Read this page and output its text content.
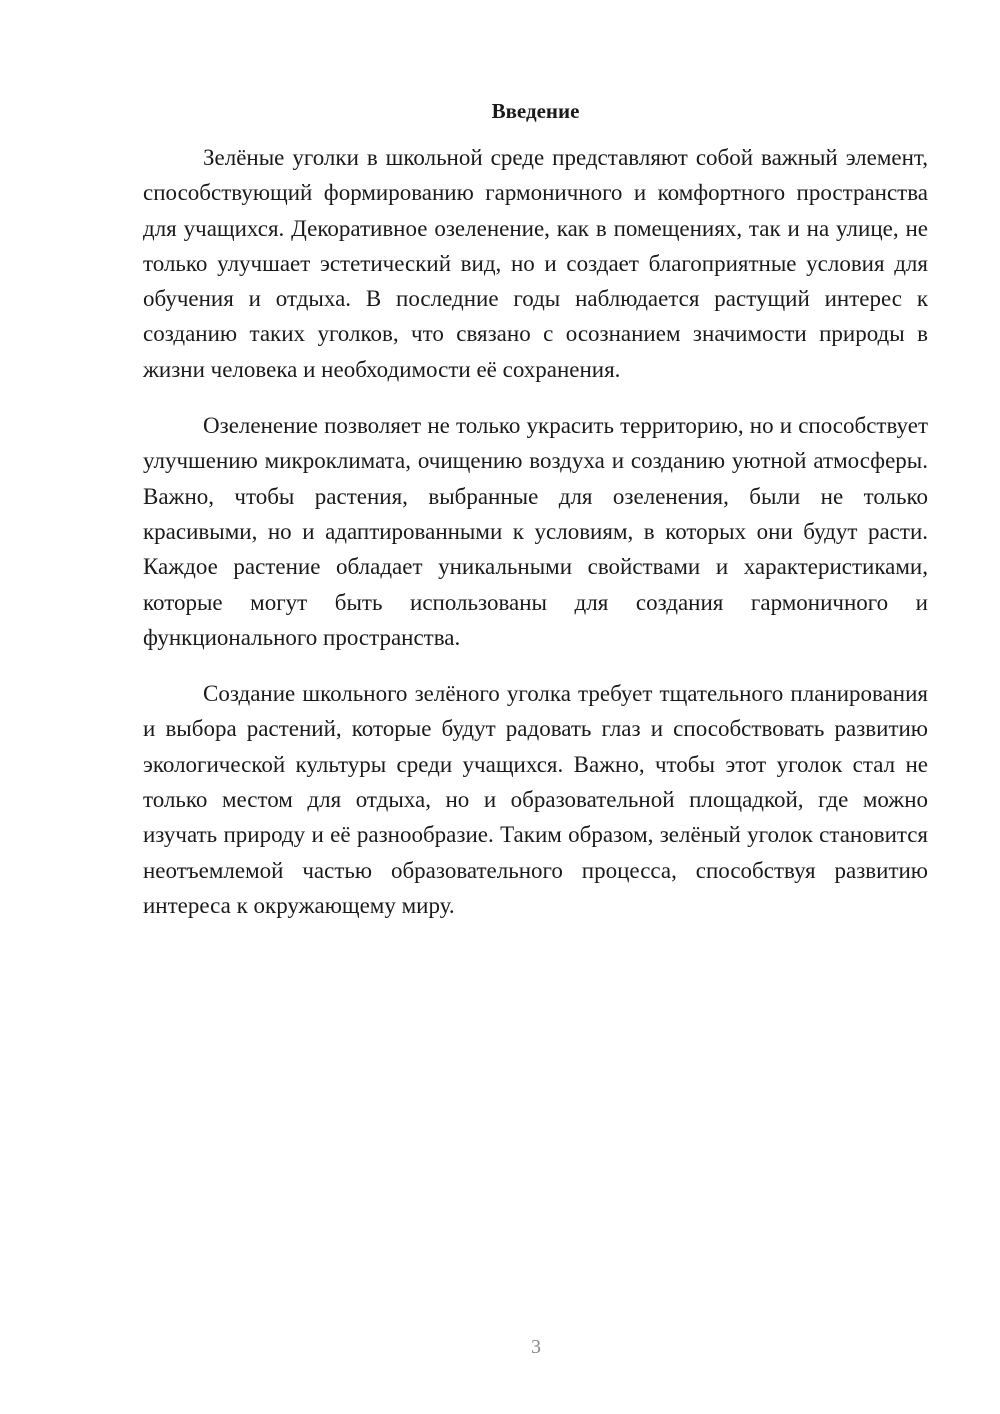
Введение

Зелёные уголки в школьной среде представляют собой важный элемент, способствующий формированию гармоничного и комфортного пространства для учащихся. Декоративное озеленение, как в помещениях, так и на улице, не только улучшает эстетический вид, но и создает благоприятные условия для обучения и отдыха. В последние годы наблюдается растущий интерес к созданию таких уголков, что связано с осознанием значимости природы в жизни человека и необходимости её сохранения.

Озеленение позволяет не только украсить территорию, но и способствует улучшению микроклимата, очищению воздуха и созданию уютной атмосферы. Важно, чтобы растения, выбранные для озеленения, были не только красивыми, но и адаптированными к условиям, в которых они будут расти. Каждое растение обладает уникальными свойствами и характеристиками, которые могут быть использованы для создания гармоничного и функционального пространства.

Создание школьного зелёного уголка требует тщательного планирования и выбора растений, которые будут радовать глаз и способствовать развитию экологической культуры среди учащихся. Важно, чтобы этот уголок стал не только местом для отдыха, но и образовательной площадкой, где можно изучать природу и её разнообразие. Таким образом, зелёный уголок становится неотъемлемой частью образовательного процесса, способствуя развитию интереса к окружающему миру.

3
